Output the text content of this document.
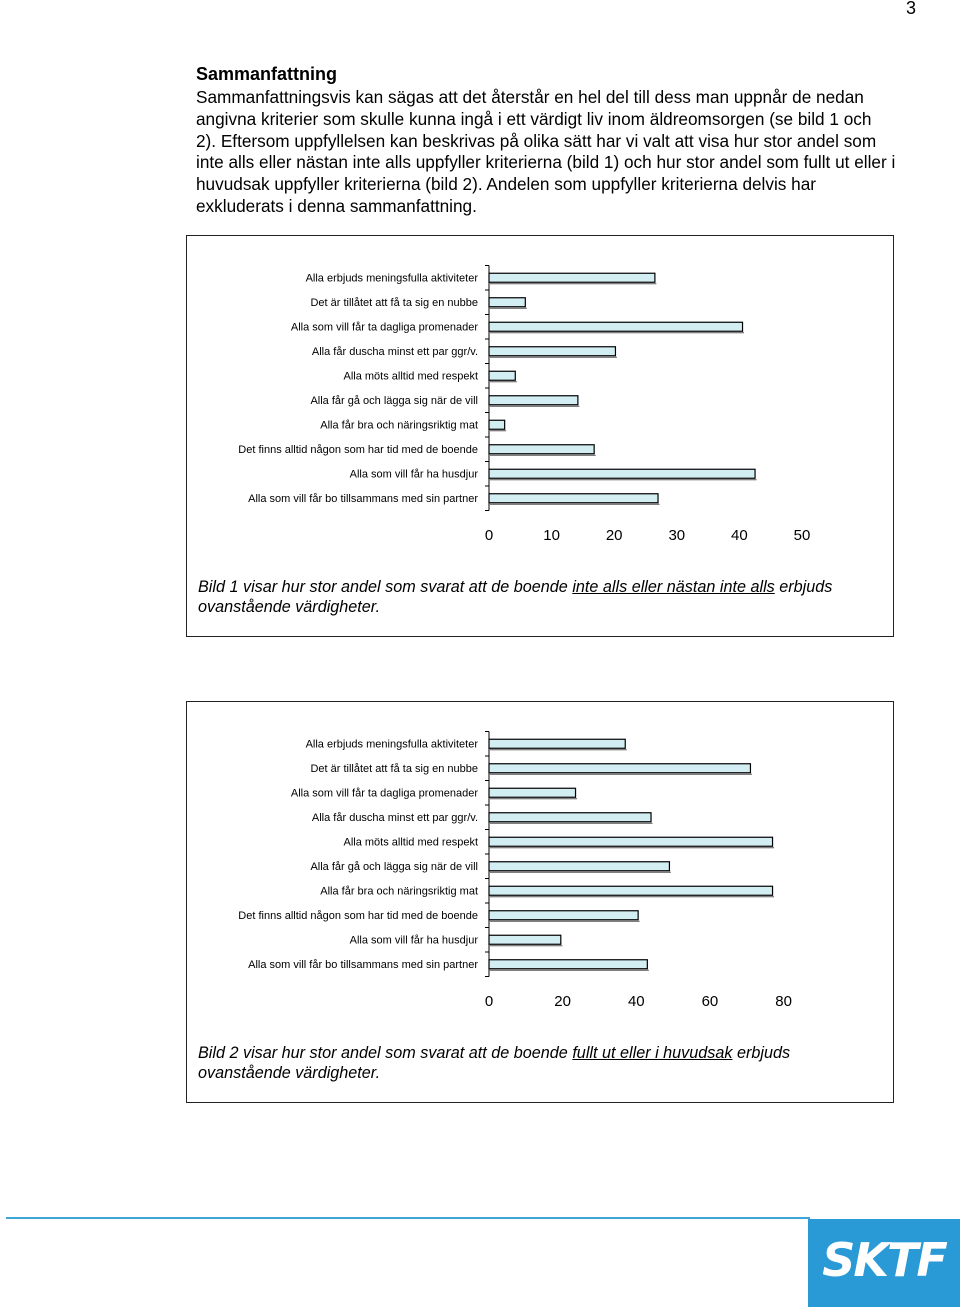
3
Sammanfattning

Sammanfattningsvis kan sägas att det återstår en hel del till dess man uppnår de nedan angivna kriterier som skulle kunna ingå i ett värdigt liv inom äldreomsorgen (se bild 1 och 2). Eftersom uppfyllelsen kan beskrivas på olika sätt har vi valt att visa hur stor andel som inte alls eller nästan inte alls uppfyller kriterierna (bild 1) och hur stor andel som fullt ut eller i huvudsak uppfyller kriterierna (bild 2). Andelen som uppfyller kriterierna delvis har exkluderats i denna sammanfattning.

Alla erbjuds meningsfulla aktiviteter
Det är tillåtet att få ta sig en nubbe
Alla som vill får ta dagliga promenader
Alla får duscha minst ett par ggr/v.
Alla möts alltid med respekt
Alla får gå och lägga sig när de vill
Alla får bra och näringsriktig mat
Det finns alltid någon som har tid med de boende
Alla som vill får ha husdjur
Alla som vill får bo tillsammans med sin partner
0	10	20	30	40	50

Bild 1 visar hur stor andel som svarat att de boende inte alls eller nästan inte alls erbjuds ovanstående värdigheter.

Alla erbjuds meningsfulla aktiviteter
Det är tillåtet att få ta sig en nubbe
Alla som vill får ta dagliga promenader
Alla får duscha minst ett par ggr/v.
Alla möts alltid med respekt
Alla får gå och lägga sig när de vill
Alla får bra och näringsriktig mat
Det finns alltid någon som har tid med de boende
Alla som vill får ha husdjur
Alla som vill får bo tillsammans med sin partner
0	20	40	60	80

Bild 2 visar hur stor andel som svarat att de boende fullt ut eller i huvudsak erbjuds ovanstående värdigheter.

SKTF
